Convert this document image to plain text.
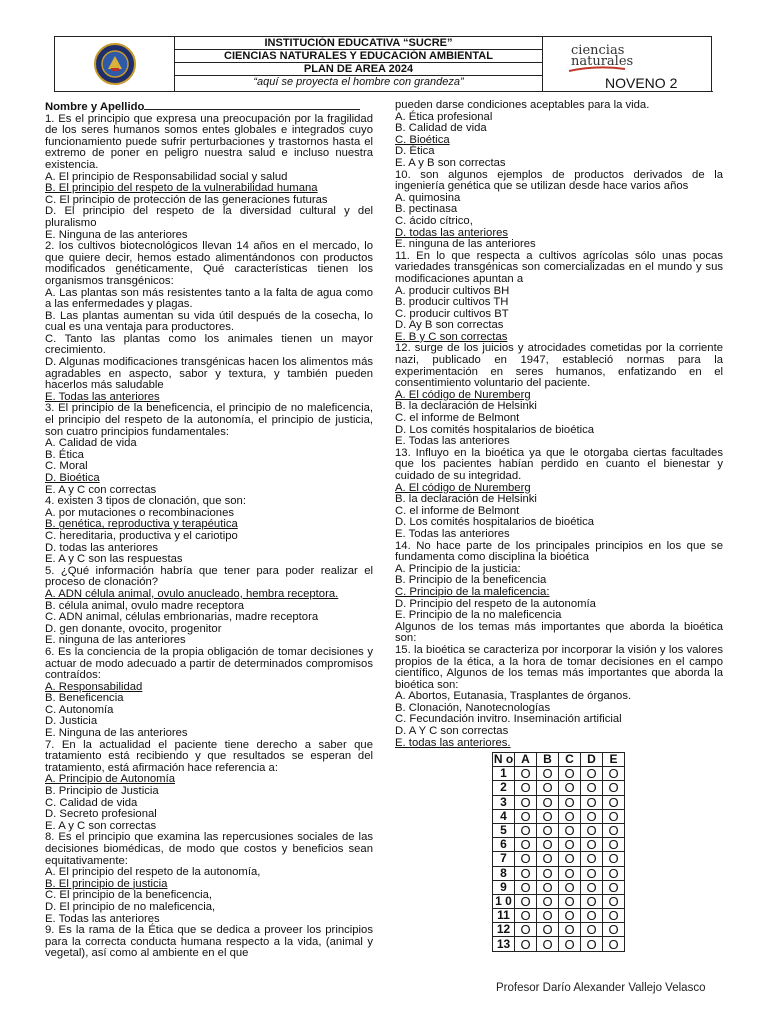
INSTITUCIÓN EDUCATIVA “SUCRE”
CIENCIAS NATURALES Y EDUCACIÓN AMBIENTAL
PLAN DE AREA 2024
“aquí se proyecta el hombre con grandeza”
ciencias
naturales
NOVENO 2
Nombre y Apellido

1. Es el principio que expresa una preocupación por la fragilidad de los seres humanos somos entes globales e integrados cuyo funcionamiento puede sufrir perturbaciones y trastornos hasta el extremo de poner en peligro nuestra salud e incluso nuestra existencia.

A. El principio de Responsabilidad social y salud

B. El principio del respeto de la vulnerabilidad humana

C. El principio de protección de las generaciones futuras

D. El principio del respeto de la diversidad cultural y del pluralismo

E. Ninguna de las anteriores

2. los cultivos biotecnológicos llevan 14 años en el mercado, lo que quiere decir, hemos estado alimentándonos con productos modificados genéticamente, Qué características tienen los organismos transgénicos:

A. Las plantas son más resistentes tanto a la falta de agua como a las enfermedades y plagas.

B. Las plantas aumentan su vida útil después de la cosecha, lo cual es una ventaja para productores.

C. Tanto las plantas como los animales tienen un mayor crecimiento.

D. Algunas modificaciones transgénicas hacen los alimentos más agradables en aspecto, sabor y textura, y también pueden hacerlos más saludable

E. Todas las anteriores

3. El principio de la beneficencia, el principio de no maleficencia, el principio del respeto de la autonomía, el principio de justicia, son cuatro principios fundamentales:

A. Calidad de vida

B. Ética

C. Moral

D. Bioética

E. A y C con correctas

4. existen 3 tipos de clonación, que son:

A. por mutaciones o recombinaciones

B. genética, reproductiva y terapéutica

C. hereditaria, productiva y el cariotipo

D. todas las anteriores

E. A y C son las respuestas

5. ¿Qué información habría que tener para poder realizar el proceso de clonación?

A. ADN célula animal, ovulo anucleado, hembra receptora.

B. célula animal, ovulo madre receptora

C. ADN animal, células embrionarias, madre receptora

D. gen donante, ovocito, progenitor

E. ninguna de las anteriores

6. Es la conciencia de la propia obligación de tomar decisiones y actuar de modo adecuado a partir de determinados compromisos contraídos:

A. Responsabilidad

B. Beneficencia

C. Autonomía

D. Justicia

E. Ninguna de las anteriores

7. En la actualidad el paciente tiene derecho a saber que tratamiento está recibiendo y que resultados se esperan del tratamiento, está afirmación hace referencia a:

A. Principio de Autonomía

B. Principio de Justicia

C. Calidad de vida

D. Secreto profesional

E. A y C son correctas

8. Es el principio que examina las repercusiones sociales de las decisiones biomédicas, de modo que costos y beneficios sean equitativamente:

A. El principio del respeto de la autonomía,

B. El principio de justicia

C. El principio de la beneficencia,

D. El principio de no maleficencia,

E. Todas las anteriores

9. Es la rama de la Ética que se dedica a proveer los principios para la correcta conducta humana respecto a la vida, (animal y vegetal), así como al ambiente en el que

pueden darse condiciones aceptables para la vida.

A. Ética profesional

B. Calidad de vida

C. Bioética

D. Ética

E. A y B son correctas

10. son algunos ejemplos de productos derivados de la ingeniería genética que se utilizan desde hace varios años

A. quimosina

B. pectinasa

C. ácido cítrico,

D. todas las anteriores

E. ninguna de las anteriores

11. En lo que respecta a cultivos agrícolas sólo unas pocas variedades transgénicas son comercializadas en el mundo y sus modificaciones apuntan a

A. producir cultivos BH

B. producir cultivos TH

C. producir cultivos BT

D. Ay B son correctas

E. B y C son correctas

12. surge de los juicios y atrocidades cometidas por la corriente nazi, publicado en 1947, estableció normas para la experimentación en seres humanos, enfatizando en el consentimiento voluntario del paciente.

A. El código de Nuremberg

B. la declaración de Helsinki

C. el informe de Belmont

D. Los comités hospitalarios de bioética

E. Todas las anteriores

13. Influyo en la bioética ya que le otorgaba ciertas facultades que los pacientes habían perdido en cuanto el bienestar y cuidado de su integridad.

A. El código de Nuremberg

B. la declaración de Helsinki

C. el informe de Belmont

D. Los comités hospitalarios de bioética

E. Todas las anteriores

14. No hace parte de los principales principios en los que se fundamenta como disciplina la bioética

A. Principio de la justicia:

B. Principio de la beneficencia

C. Principio de la maleficencia:

D. Principio del respeto de la autonomía

E. Principio de la no maleficencia

Algunos de los temas más importantes que aborda la bioética son:

15. la bioética se caracteriza por incorporar la visión y los valores propios de la ética, a la hora de tomar decisiones en el campo científico, Algunos de los temas más importantes que aborda la bioética son:

A. Abortos, Eutanasia, Trasplantes de órganos.

B. Clonación, Nanotecnologías

C. Fecundación invitro. Inseminación artificial

D. A Y C son correctas

E. todas las anteriores.

N o	A	B	C	D	E
1	O	O	O	O	O
2	O	O	O	O	O
3	O	O	O	O	O
4	O	O	O	O	O
5	O	O	O	O	O
6	O	O	O	O	O
7	O	O	O	O	O
8	O	O	O	O	O
9	O	O	O	O	O
1 0	O	O	O	O	O
11	O	O	O	O	O
12	O	O	O	O	O
13	O	O	O	O	O
Profesor Darío Alexander Vallejo Velasco
